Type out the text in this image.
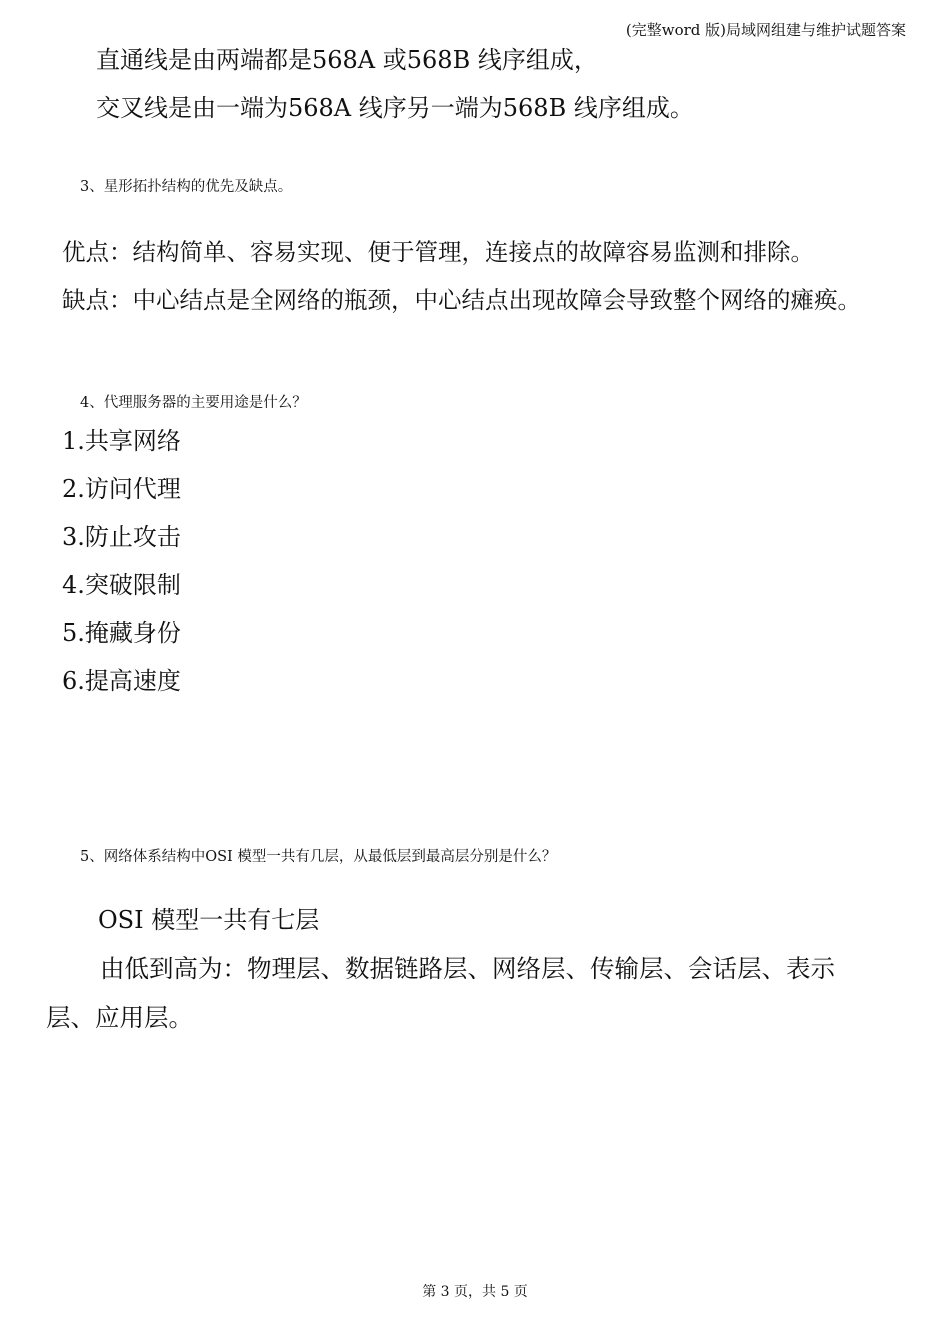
(完整word 版)局域网组建与维护试题答案

直通线是由两端都是568A 或568B 线序组成，

交叉线是由一端为568A 线序另一端为568B 线序组成。

3、星形拓扑结构的优先及缺点。

优点：结构简单、容易实现、便于管理，连接点的故障容易监测和排除。

缺点：中心结点是全网络的瓶颈，中心结点出现故障会导致整个网络的瘫痪。

4、代理服务器的主要用途是什么？

1.共享网络

2.访问代理

3.防止攻击

4.突破限制

5.掩藏身份

6.提高速度

5、网络体系结构中OSI 模型一共有几层，从最低层到最高层分别是什么？

OSI 模型一共有七层

由低到高为：物理层、数据链路层、网络层、传输层、会话层、表示

层、应用层。

第 3 页，共 5 页
